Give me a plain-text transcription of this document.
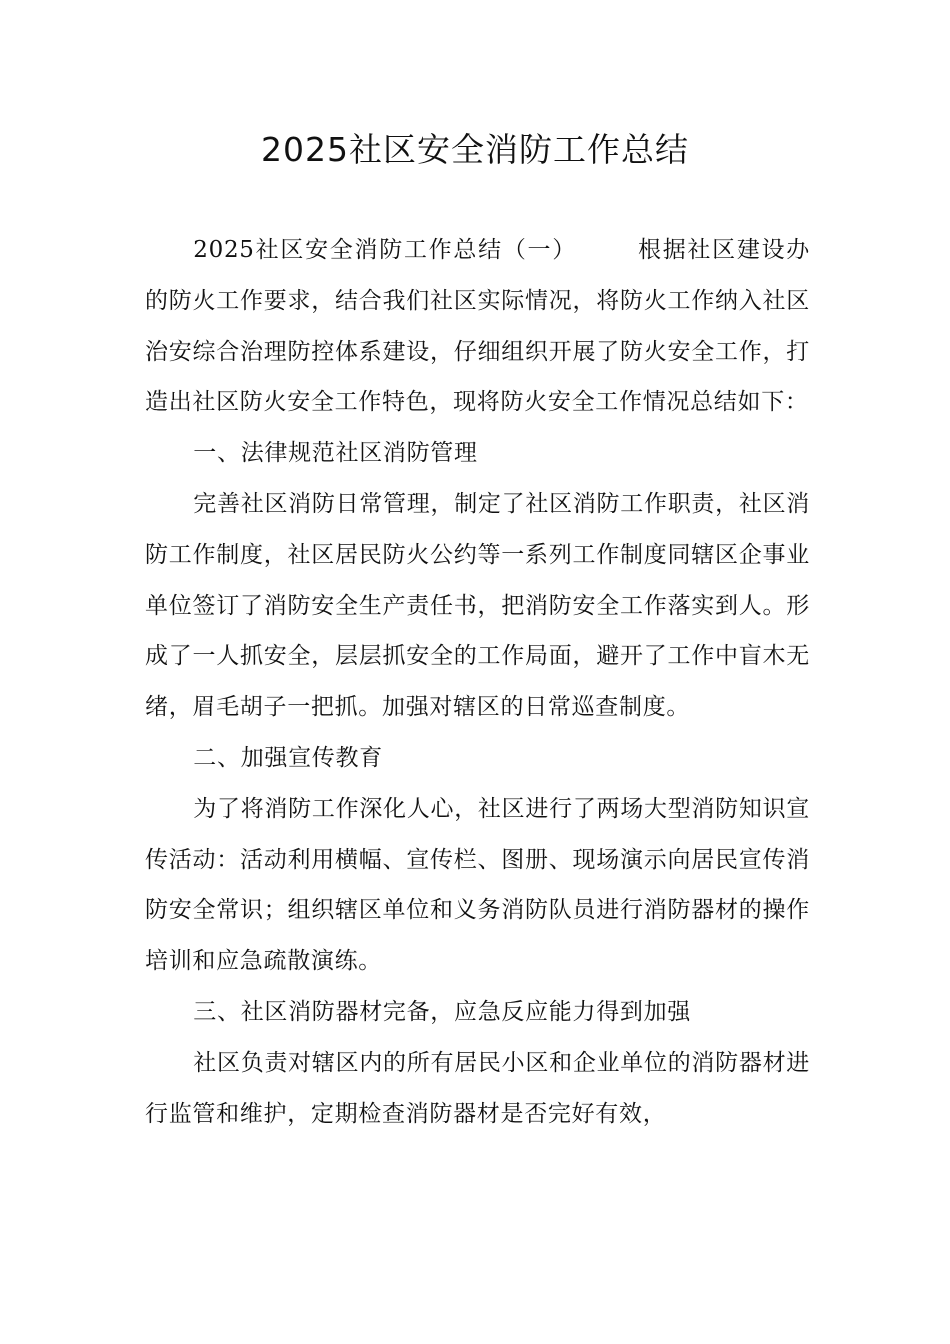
2025社区安全消防工作总结

2025社区安全消防工作总结（一）	根据社区建设办的防火工作要求，结合我们社区实际情况，将防火工作纳入社区治安综合治理防控体系建设，仔细组织开展了防火安全工作，打造出社区防火安全工作特色，现将防火安全工作情况总结如下：

一、法律规范社区消防管理

完善社区消防日常管理，制定了社区消防工作职责，社区消防工作制度，社区居民防火公约等一系列工作制度同辖区企事业单位签订了消防安全生产责任书，把消防安全工作落实到人。形成了一人抓安全，层层抓安全的工作局面，避开了工作中盲木无绪，眉毛胡子一把抓。加强对辖区的日常巡查制度。

二、加强宣传教育

为了将消防工作深化人心，社区进行了两场大型消防知识宣传活动：活动利用横幅、宣传栏、图册、现场演示向居民宣传消防安全常识；组织辖区单位和义务消防队员进行消防器材的操作培训和应急疏散演练。

三、社区消防器材完备，应急反应能力得到加强

社区负责对辖区内的所有居民小区和企业单位的消防器材进行监管和维护，定期检查消防器材是否完好有效，
